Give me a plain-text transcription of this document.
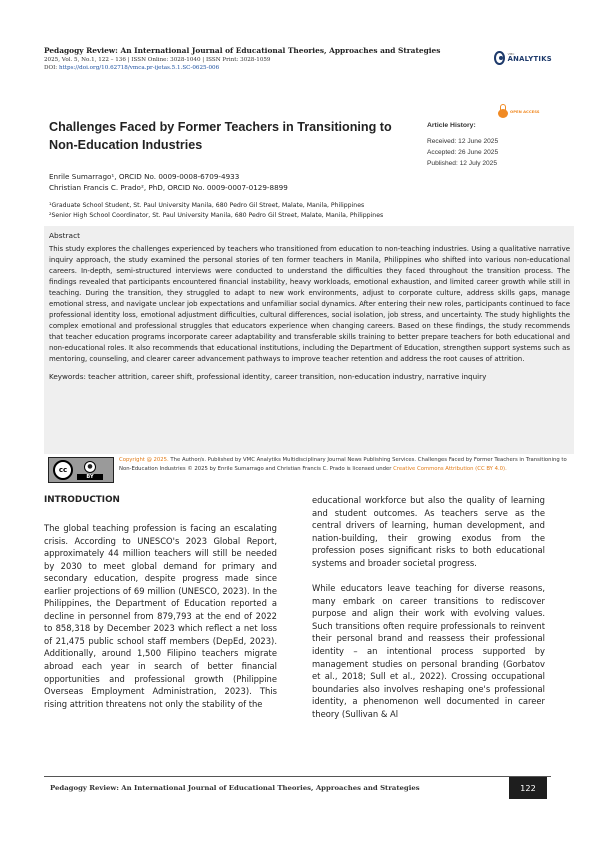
Pedagogy Review: An International Journal of Educational Theories, Approaches and Strategies
2025, Vol. 5, No.1, 122 – 136 | ISSN Online: 3028-1040 | ISSN Print: 3028-1059
DOI: https://doi.org/10.62718/vmca.pr-ijetas.5.1.SC-0625-006
VMC
ANALYTIKS
OPEN ACCESS
Challenges Faced by Former Teachers in Transitioning to Non-Education Industries
Article History:
Received: 12 June 2025
Accepted: 26 June 2025
Published: 12 July 2025
Enrile Sumarrago¹, ORCID No. 0009-0008-6709-4933
Christian Francis C. Prado², PhD, ORCID No. 0009-0007-0129-8899
¹Graduate School Student, St. Paul University Manila, 680 Pedro Gil Street, Malate, Manila, Philippines
²Senior High School Coordinator, St. Paul University Manila, 680 Pedro Gil Street, Malate, Manila, Philippines
Abstract

This study explores the challenges experienced by teachers who transitioned from education to non-teaching industries. Using a qualitative narrative inquiry approach, the study examined the personal stories of ten former teachers in Manila, Philippines who shifted into various non-educational careers. In-depth, semi-structured interviews were conducted to understand the difficulties they faced throughout the transition process. The findings revealed that participants encountered financial instability, heavy workloads, emotional exhaustion, and limited career growth while still in teaching. During the transition, they struggled to adapt to new work environments, adjust to corporate culture, address skills gaps, manage emotional stress, and navigate unclear job expectations and unfamiliar social dynamics. After entering their new roles, participants continued to face professional identity loss, emotional adjustment difficulties, cultural differences, social isolation, job stress, and uncertainty. The study highlights the complex emotional and professional struggles that educators experience when changing careers. Based on these findings, the study recommends that teacher education programs incorporate career adaptability and transferable skills training to better prepare teachers for both educational and non-educational roles. It also recommends that educational institutions, including the Department of Education, strengthen support systems such as mentoring, counseling, and clearer career advancement pathways to improve teacher retention and address the root causes of attrition.

Keywords: teacher attrition, career shift, professional identity, career transition, non-education industry, narrative inquiry

cc	●
BY

Copyright @ 2025. The Author/s. Published by VMC Analytiks Multidisciplinary Journal News Publishing Services. Challenges Faced by Former Teachers in Transitioning to Non-Education Industries © 2025 by Enrile Sumarrago and Christian Francis C. Prado is licensed under Creative Commons Attribution (CC BY 4.0).

INTRODUCTION

The global teaching profession is facing an escalating crisis. According to UNESCO's 2023 Global Report, approximately 44 million teachers will still be needed by 2030 to meet global demand for primary and secondary education, despite progress made since earlier projections of 69 million (UNESCO, 2023). In the Philippines, the Department of Education reported a decline in personnel from 879,793 at the end of 2022 to 858,318 by December 2023 which reflect a net loss of 21,475 public school staff members (DepEd, 2023). Additionally, around 1,500 Filipino teachers migrate abroad each year in search of better financial opportunities and professional growth (Philippine Overseas Employment Administration, 2023). This rising attrition threatens not only the stability of the

educational workforce but also the quality of learning and student outcomes. As teachers serve as the central drivers of learning, human development, and nation-building, their growing exodus from the profession poses significant risks to both educational systems and broader societal progress.

While educators leave teaching for diverse reasons, many embark on career transitions to rediscover purpose and align their work with evolving values. Such transitions often require professionals to reinvent their personal brand and reassess their professional identity – an intentional process supported by management studies on personal branding (Gorbatov et al., 2018; Sull et al., 2022). Crossing occupational boundaries also involves reshaping one's professional identity, a phenomenon well documented in career theory (Sullivan & Al

Pedagogy Review: An International Journal of Educational Theories, Approaches and Strategies	122
